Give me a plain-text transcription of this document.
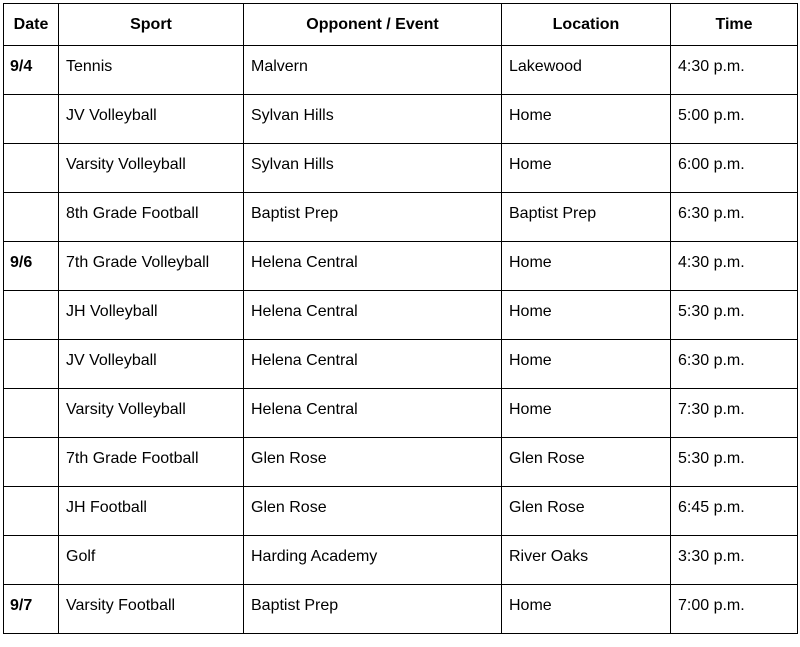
Date	Sport	Opponent / Event	Location	Time
9/4	Tennis	Malvern	Lakewood	4:30 p.m.
	JV Volleyball	Sylvan Hills	Home	5:00 p.m.
	Varsity Volleyball	Sylvan Hills	Home	6:00 p.m.
	8th Grade Football	Baptist Prep	Baptist Prep	6:30 p.m.
9/6	7th Grade Volleyball	Helena Central	Home	4:30 p.m.
	JH Volleyball	Helena Central	Home	5:30 p.m.
	JV Volleyball	Helena Central	Home	6:30 p.m.
	Varsity Volleyball	Helena Central	Home	7:30 p.m.
	7th Grade Football	Glen Rose	Glen Rose	5:30 p.m.
	JH Football	Glen Rose	Glen Rose	6:45 p.m.
	Golf	Harding Academy	River Oaks	3:30 p.m.
9/7	Varsity Football	Baptist Prep	Home	7:00 p.m.
